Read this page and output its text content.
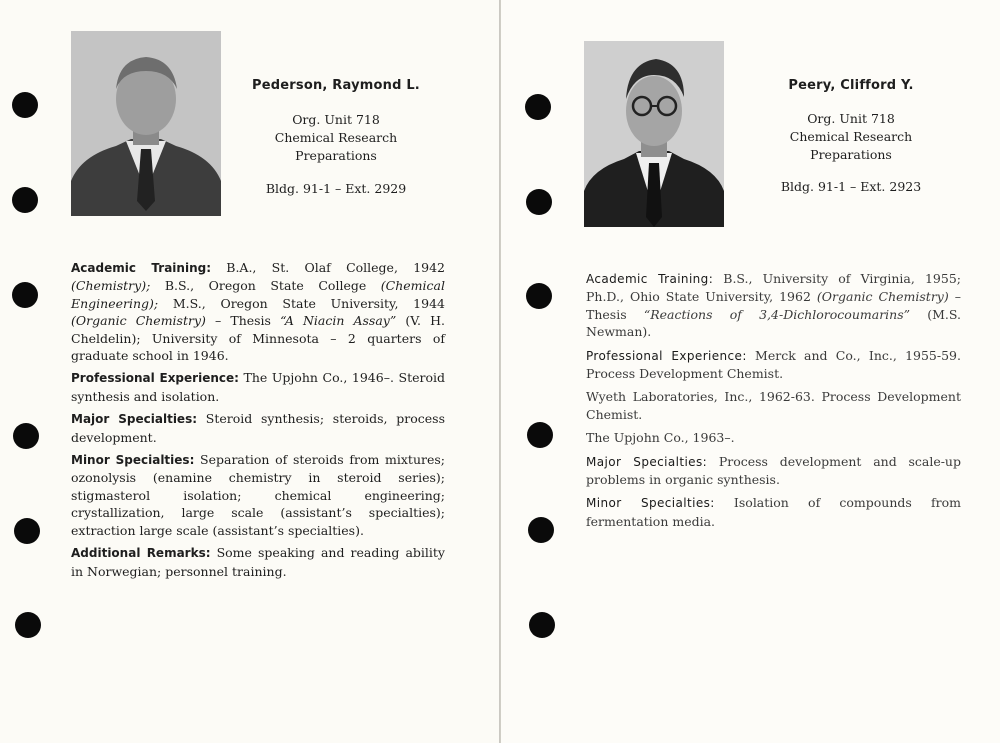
Pederson, Raymond L.
Org. Unit 718
Chemical Research
Preparations
Bldg. 91-1 – Ext. 2929

Academic Training: B.A., St. Olaf College, 1942 (Chemistry); B.S., Oregon State College (Chemical Engineering); M.S., Oregon State University, 1944 (Organic Chemistry) – Thesis “A Niacin Assay” (V. H. Cheldelin); University of Minnesota – 2 quarters of graduate school in 1946.

Professional Experience: The Upjohn Co., 1946–. Steroid synthesis and isolation.

Major Specialties: Steroid synthesis; steroids, process development.

Minor Specialties: Separation of steroids from mixtures; ozonolysis (enamine chemistry in steroid series); stigmasterol isolation; chemical engineering; crystallization, large scale (assistant’s specialties); extraction large scale (assistant’s specialties).

Additional Remarks: Some speaking and reading ability in Norwegian; personnel training.

Peery, Clifford Y.
Org. Unit 718
Chemical Research
Preparations
Bldg. 91-1 – Ext. 2923

Academic Training: B.S., University of Virginia, 1955; Ph.D., Ohio State University, 1962 (Organic Chemistry) – Thesis “Reactions of 3,4-Dichlorocoumarins” (M.S. Newman).

Professional Experience: Merck and Co., Inc., 1955-59. Process Development Chemist.

Wyeth Laboratories, Inc., 1962-63. Process Development Chemist.

The Upjohn Co., 1963–.

Major Specialties: Process development and scale-up problems in organic synthesis.

Minor Specialties: Isolation of compounds from fermentation media.
